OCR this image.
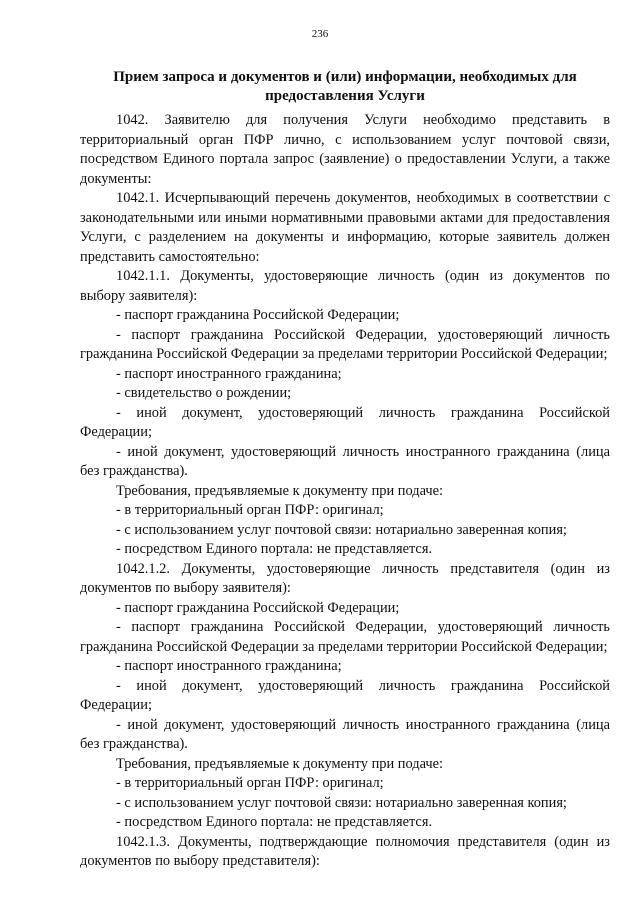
236
Прием запроса и документов и (или) информации, необходимых для предоставления Услуги

1042. Заявителю для получения Услуги необходимо представить в территориальный орган ПФР лично, с использованием услуг почтовой связи, посредством Единого портала запрос (заявление) о предоставлении Услуги, а также документы:

1042.1. Исчерпывающий перечень документов, необходимых в соответствии с законодательными или иными нормативными правовыми актами для предоставления Услуги, с разделением на документы и информацию, которые заявитель должен представить самостоятельно:

1042.1.1. Документы, удостоверяющие личность (один из документов по выбору заявителя):

- паспорт гражданина Российской Федерации;

- паспорт гражданина Российской Федерации, удостоверяющий личность гражданина Российской Федерации за пределами территории Российской Федерации;

- паспорт иностранного гражданина;

- свидетельство о рождении;

- иной документ, удостоверяющий личность гражданина Российской Федерации;

- иной документ, удостоверяющий личность иностранного гражданина (лица без гражданства).

Требования, предъявляемые к документу при подаче:

- в территориальный орган ПФР: оригинал;

- с использованием услуг почтовой связи: нотариально заверенная копия;

- посредством Единого портала: не представляется.

1042.1.2. Документы, удостоверяющие личность представителя (один из документов по выбору заявителя):

- паспорт гражданина Российской Федерации;

- паспорт гражданина Российской Федерации, удостоверяющий личность гражданина Российской Федерации за пределами территории Российской Федерации;

- паспорт иностранного гражданина;

- иной документ, удостоверяющий личность гражданина Российской Федерации;

- иной документ, удостоверяющий личность иностранного гражданина (лица без гражданства).

Требования, предъявляемые к документу при подаче:

- в территориальный орган ПФР: оригинал;

- с использованием услуг почтовой связи: нотариально заверенная копия;

- посредством Единого портала: не представляется.

1042.1.3. Документы, подтверждающие полномочия представителя (один из документов по выбору представителя):
